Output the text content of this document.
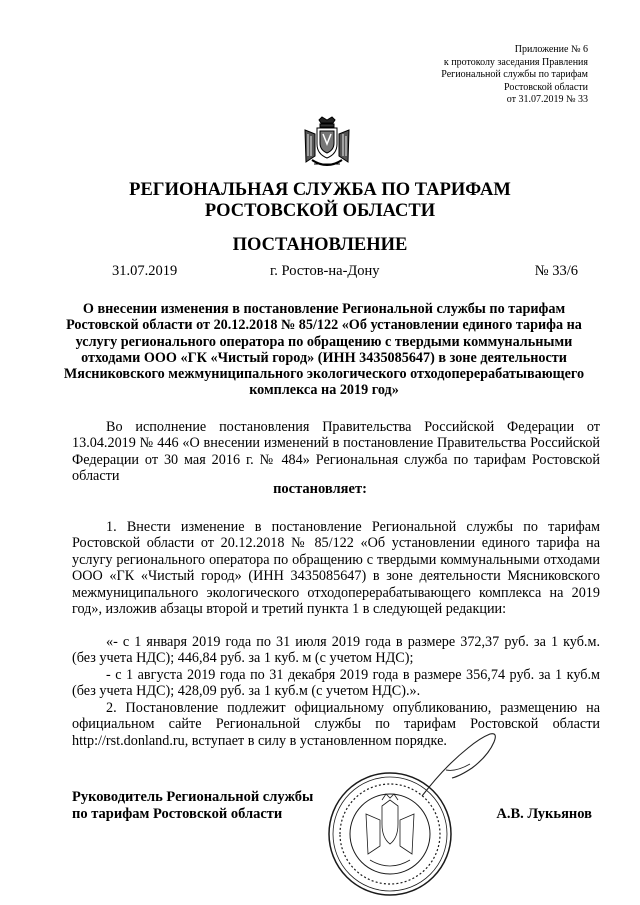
Приложение № 6
к протоколу заседания Правления
Региональной службы по тарифам
Ростовской области
от 31.07.2019 № 33
РЕГИОНАЛЬНАЯ СЛУЖБА ПО ТАРИФАМ
РОСТОВСКОЙ ОБЛАСТИ
ПОСТАНОВЛЕНИЕ
31.07.2019	г. Ростов-на-Дону	№ 33/6
О внесении изменения в постановление Региональной службы по тарифам Ростовской области от 20.12.2018 № 85/122 «Об установлении единого тарифа на услугу регионального оператора по обращению с твердыми коммунальными отходами ООО «ГК «Чистый город» (ИНН 3435085647) в зоне деятельности Мясниковского межмуниципального экологического отходоперерабатывающего комплекса на 2019 год»
Во исполнение постановления Правительства Российской Федерации от 13.04.2019 № 446 «О внесении изменений в постановление Правительства Российской Федерации от 30 мая 2016 г. № 484» Региональная служба по тарифам Ростовской области
постановляет:
1. Внести изменение в постановление Региональной службы по тарифам Ростовской области от 20.12.2018 № 85/122 «Об установлении единого тарифа на услугу регионального оператора по обращению с твердыми коммунальными отходами ООО «ГК «Чистый город» (ИНН 3435085647) в зоне деятельности Мясниковского межмуниципального экологического отходоперерабатывающего комплекса на 2019 год», изложив абзацы второй и третий пункта 1 в следующей редакции:
«- с 1 января 2019 года по 31 июля 2019 года в размере 372,37 руб. за 1 куб.м. (без учета НДС); 446,84 руб. за 1 куб. м (с учетом НДС);
- с 1 августа 2019 года по 31 декабря 2019 года в размере 356,74 руб. за 1 куб.м (без учета НДС); 428,09 руб. за 1 куб.м (с учетом НДС).».
2. Постановление подлежит официальному опубликованию, размещению на официальном сайте Региональной службы по тарифам Ростовской области http://rst.donland.ru, вступает в силу в установленном порядке.
Руководитель Региональной службы
по тарифам Ростовской области	А.В. Лукьянов
